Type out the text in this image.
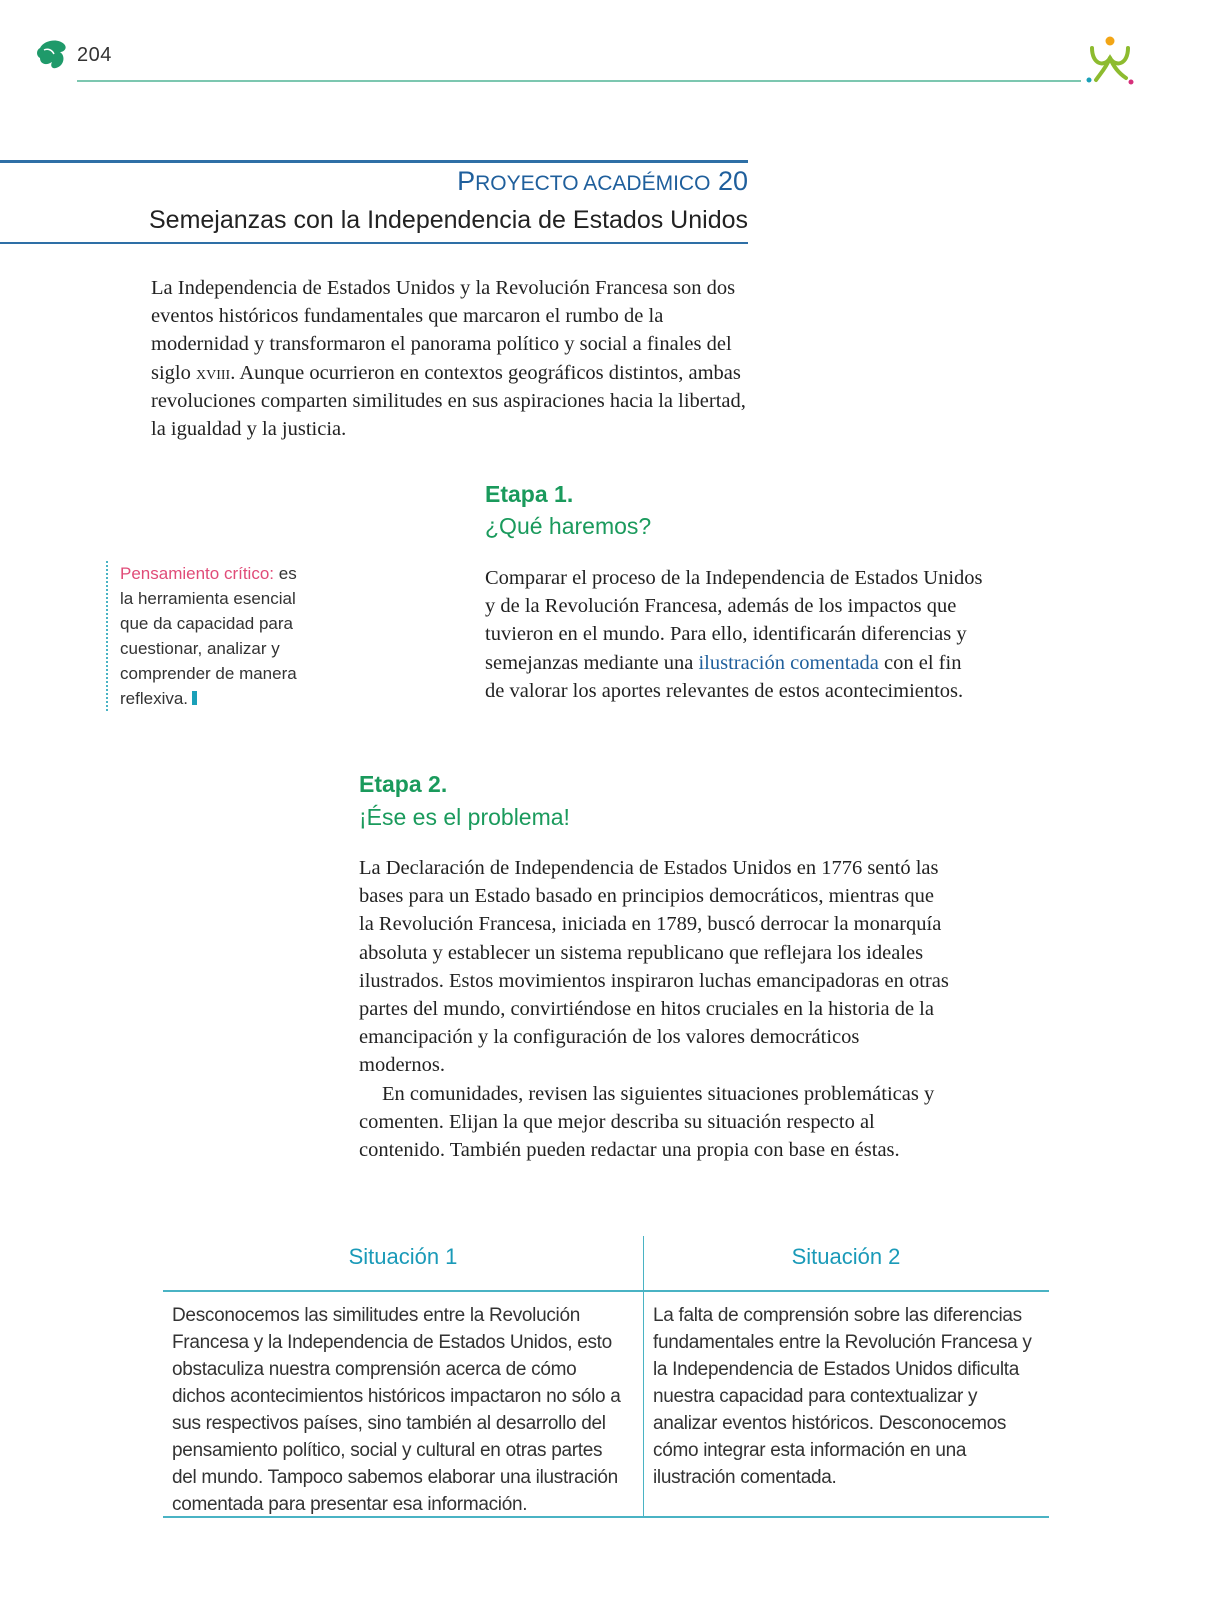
204
PROYECTO ACADÉMICO 20
Semejanzas con la Independencia de Estados Unidos
La Independencia de Estados Unidos y la Revolución Francesa son dos eventos históricos fundamentales que marcaron el rumbo de la modernidad y transformaron el panorama político y social a finales del siglo xviii. Aunque ocurrieron en contextos geográficos distintos, ambas revoluciones comparten similitudes en sus aspiraciones hacia la libertad, la igualdad y la justicia.
Etapa 1.
¿Qué haremos?
Comparar el proceso de la Independencia de Estados Unidos y de la Revolución Francesa, además de los impactos que tuvieron en el mundo. Para ello, identificarán diferencias y semejanzas mediante una ilustración comentada con el fin de valorar los aportes relevantes de estos acontecimientos.
Pensamiento crítico: es la herramienta esencial que da capacidad para cuestionar, analizar y comprender de manera reflexiva.
Etapa 2.
¡Ése es el problema!

La Declaración de Independencia de Estados Unidos en 1776 sentó las bases para un Estado basado en principios democráticos, mientras que la Revolución Francesa, iniciada en 1789, buscó derrocar la monarquía absoluta y establecer un sistema republicano que reflejara los ideales ilustrados. Estos movimientos inspiraron luchas emancipadoras en otras partes del mundo, convirtiéndose en hitos cruciales en la historia de la emancipación y la configuración de los valores democráticos modernos.

En comunidades, revisen las siguientes situaciones problemáticas y comenten. Elijan la que mejor describa su situación respecto al contenido. También pueden redactar una propia con base en éstas.

Situación 1
Desconocemos las similitudes entre la Revolución Francesa y la Independencia de Estados Unidos, esto obstaculiza nuestra comprensión acerca de cómo dichos acontecimientos históricos impactaron no sólo a sus respectivos países, sino también al desarrollo del pensamiento político, social y cultural en otras partes del mundo. Tampoco sabemos elaborar una ilustración comentada para presentar esa información.
Situación 2
La falta de comprensión sobre las diferencias fundamentales entre la Revolución Francesa y la Independencia de Estados Unidos dificulta nuestra capacidad para contextualizar y analizar eventos históricos. Desconocemos cómo integrar esta información en una ilustración comentada.
